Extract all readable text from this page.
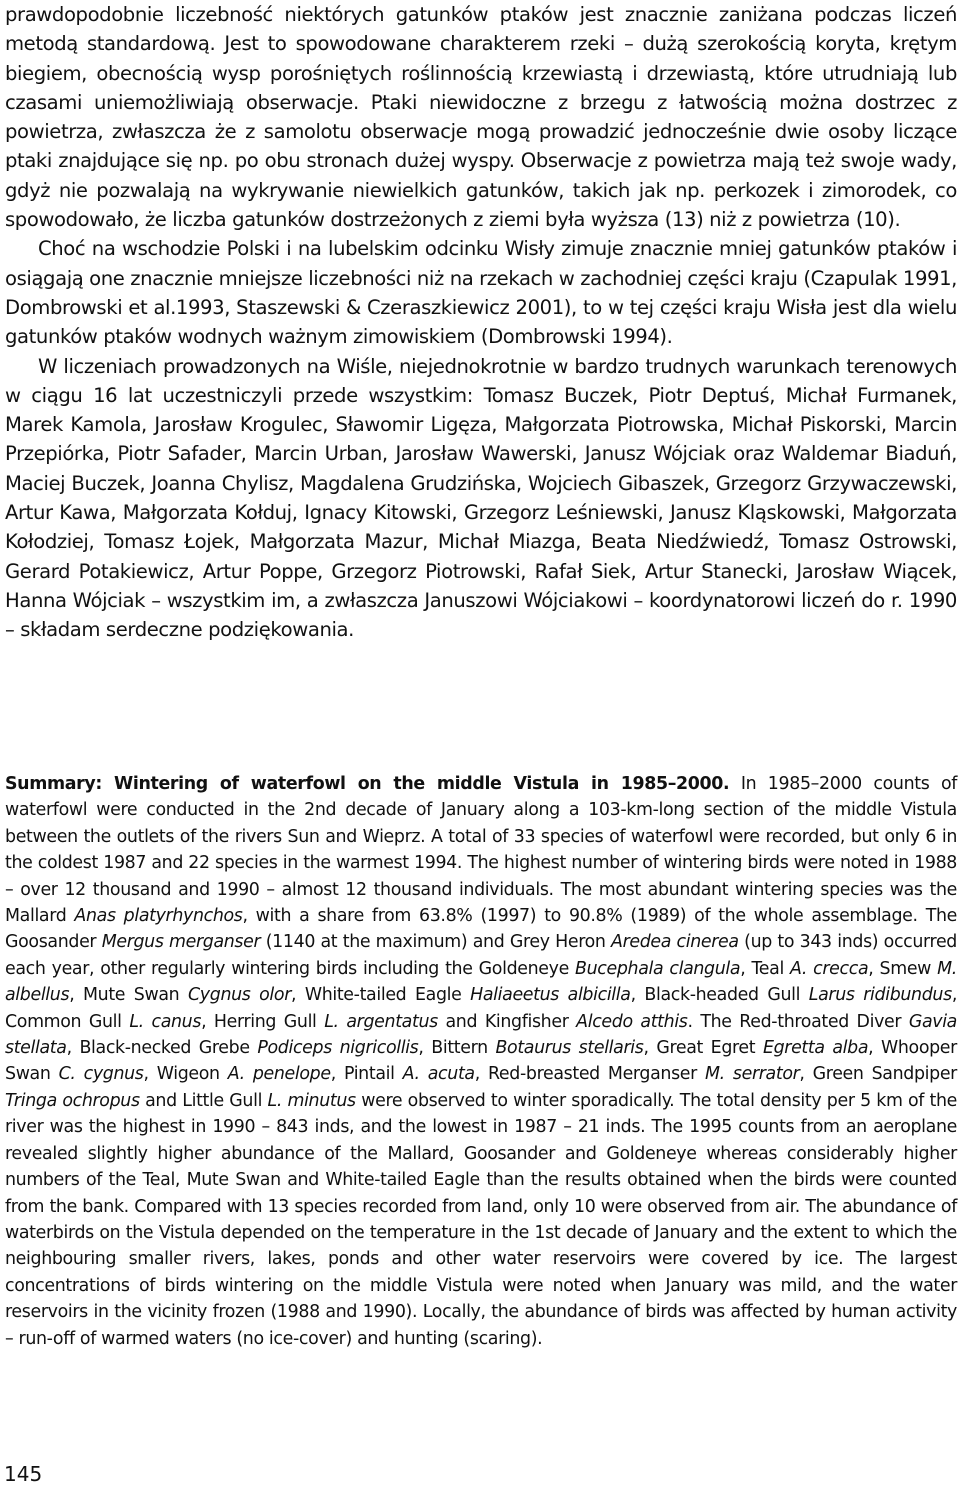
prawdopodobnie liczebność niektórych gatunków ptaków jest znacznie zaniżana podczas liczeń metodą standardową. Jest to spowodowane charakterem rzeki – dużą szerokością koryta, krętym biegiem, obecnością wysp porośniętych roślinnością krzewiastą i drzewiastą, które utrudniają lub czasami uniemożliwiają obserwacje. Ptaki niewidoczne z brzegu z łatwością można dostrzec z powietrza, zwłaszcza że z samolotu obserwacje mogą prowadzić jednocześnie dwie osoby liczące ptaki znajdujące się np. po obu stronach dużej wyspy. Obserwacje z powietrza mają też swoje wady, gdyż nie pozwalają na wykrywanie niewielkich gatunków, takich jak np. perkozek i zimorodek, co spowodowało, że liczba gatunków dostrzeżonych z ziemi była wyższa (13) niż z powietrza (10).

Choć na wschodzie Polski i na lubelskim odcinku Wisły zimuje znacznie mniej gatunków ptaków i osiągają one znacznie mniejsze liczebności niż na rzekach w zachodniej części kraju (Czapulak 1991, Dombrowski et al.1993, Staszewski & Czeraszkiewicz 2001), to w tej części kraju Wisła jest dla wielu gatunków ptaków wodnych ważnym zimowiskiem (Dombrowski 1994).

W liczeniach prowadzonych na Wiśle, niejednokrotnie w bardzo trudnych warunkach terenowych w ciągu 16 lat uczestniczyli przede wszystkim: Tomasz Buczek, Piotr Deptuś, Michał Furmanek, Marek Kamola, Jarosław Krogulec, Sławomir Ligęza, Małgorzata Piotrowska, Michał Piskorski, Marcin Przepiórka, Piotr Safader, Marcin Urban, Jarosław Wawerski, Janusz Wójciak oraz Waldemar Biaduń, Maciej Buczek, Joanna Chylisz, Magdalena Grudzińska, Wojciech Gibaszek, Grzegorz Grzywaczewski, Artur Kawa, Małgorzata Kołduj, Ignacy Kitowski, Grzegorz Leśniewski, Janusz Kląskowski, Małgorzata Kołodziej, Tomasz Łojek, Małgorzata Mazur, Michał Miazga, Beata Niedźwiedź, Tomasz Ostrowski, Gerard Potakiewicz, Artur Poppe, Grzegorz Piotrowski, Rafał Siek, Artur Stanecki, Jarosław Wiącek, Hanna Wójciak – wszystkim im, a zwłaszcza Januszowi Wójciakowi – koordynatorowi liczeń do r. 1990 – składam serdeczne podziękowania.

Summary: Wintering of waterfowl on the middle Vistula in 1985–2000. In 1985–2000 counts of waterfowl were conducted in the 2nd decade of January along a 103-km-long section of the middle Vistula between the outlets of the rivers Sun and Wieprz. A total of 33 species of waterfowl were recorded, but only 6 in the coldest 1987 and 22 species in the warmest 1994. The highest number of wintering birds were noted in 1988 – over 12 thousand and 1990 – almost 12 thousand individuals. The most abundant wintering species was the Mallard Anas platyrhynchos, with a share from 63.8% (1997) to 90.8% (1989) of the whole assemblage. The Goosander Mergus merganser (1140 at the maximum) and Grey Heron Aredea cinerea (up to 343 inds) occurred each year, other regularly wintering birds including the Goldeneye Bucephala clangula, Teal A. crecca, Smew M. albellus, Mute Swan Cygnus olor, White-tailed Eagle Haliaeetus albicilla, Black-headed Gull Larus ridibundus, Common Gull L. canus, Herring Gull L. argentatus and Kingfisher Alcedo atthis. The Red-throated Diver Gavia stellata, Black-necked Grebe Podiceps nigricollis, Bittern Botaurus stellaris, Great Egret Egretta alba, Whooper Swan C. cygnus, Wigeon A. penelope, Pintail A. acuta, Red-breasted Merganser M. serrator, Green Sandpiper Tringa ochropus and Little Gull L. minutus were observed to winter sporadically. The total density per 5 km of the river was the highest in 1990 – 843 inds, and the lowest in 1987 – 21 inds. The 1995 counts from an aeroplane revealed slightly higher abundance of the Mallard, Goosander and Goldeneye whereas considerably higher numbers of the Teal, Mute Swan and White-tailed Eagle than the results obtained when the birds were counted from the bank. Compared with 13 species recorded from land, only 10 were observed from air. The abundance of waterbirds on the Vistula depended on the temperature in the 1st decade of January and the extent to which the neighbouring smaller rivers, lakes, ponds and other water reservoirs were covered by ice. The largest concentrations of birds wintering on the middle Vistula were noted when January was mild, and the water reservoirs in the vicinity frozen (1988 and 1990). Locally, the abundance of birds was affected by human activity – run-off of warmed waters (no ice-cover) and hunting (scaring).
145
